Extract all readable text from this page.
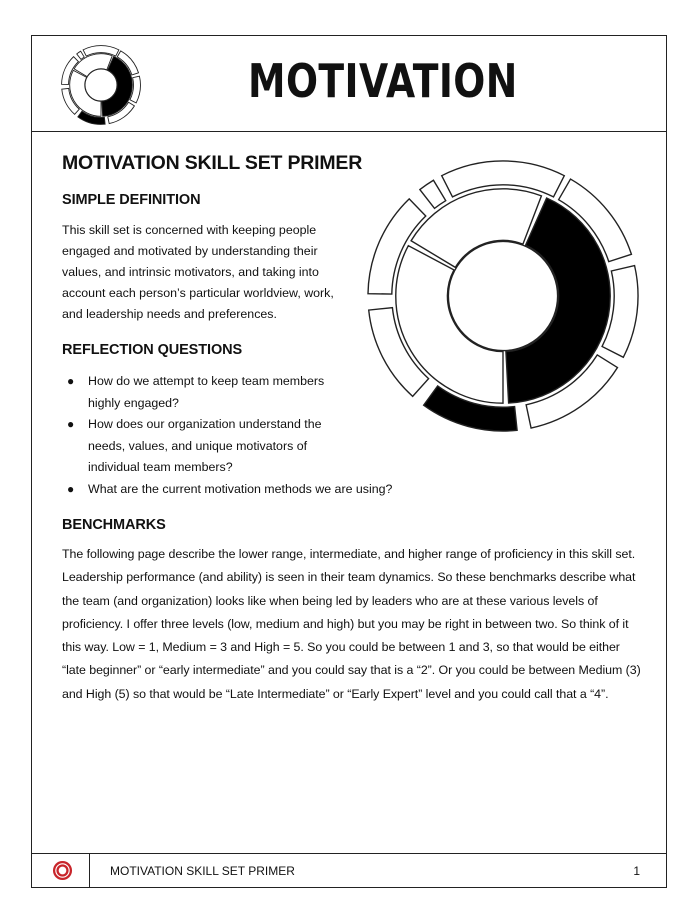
MOTIVATION
MOTIVATION SKILL SET PRIMER
SIMPLE DEFINITION

This skill set is concerned with keeping people engaged and motivated by understanding their values, and intrinsic motivators, and taking into account each person’s particular worldview, work, and leadership needs and preferences.

REFLECTION QUESTIONS
● How do we attempt to keep team members highly engaged?
● How does our organization understand the needs, values, and unique motivators of individual team members?
● What are the current motivation methods we are using?
BENCHMARKS

The following page describe the lower range, intermediate, and higher range of proficiency in this skill set. Leadership performance (and ability) is seen in their team dynamics. So these benchmarks describe what the team (and organization) looks like when being led by leaders who are at these various levels of proficiency. I offer three levels (low, medium and high) but you may be right in between two. So think of it this way. Low = 1, Medium = 3 and High = 5. So you could be between 1 and 3, so that would be either “late beginner” or “early intermediate” and you could say that is a “2”. Or you could be between Medium (3) and High (5) so that would be “Late Intermediate” or “Early Expert” level and you could call that a “4”.

MOTIVATION SKILL SET PRIMER	1
